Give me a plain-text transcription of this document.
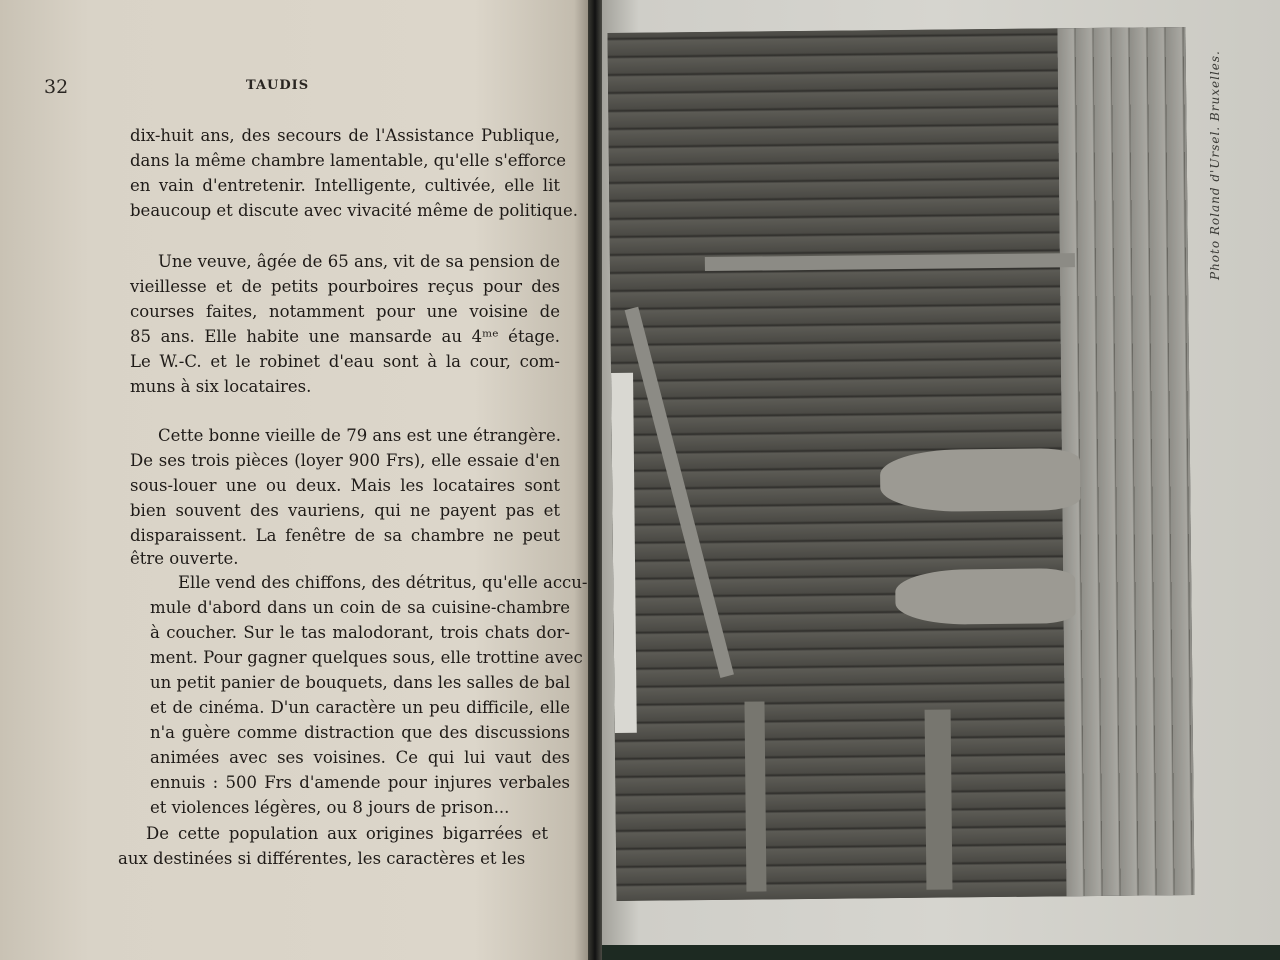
32	TAUDIS
dix-huit ans, des secours de l'Assistance Publique,
dans la même chambre lamentable, qu'elle s'efforce
en vain d'entretenir. Intelligente, cultivée, elle lit
beaucoup et discute avec vivacité même de politique.
Une veuve, âgée de 65 ans, vit de sa pension de
vieillesse et de petits pourboires reçus pour des
courses faites, notamment pour une voisine de
85 ans. Elle habite une mansarde au 4ᵐᵉ étage.
Le W.-C. et le robinet d'eau sont à la cour, com-
muns à six locataires.
Cette bonne vieille de 79 ans est une étrangère.
De ses trois pièces (loyer 900 Frs), elle essaie d'en
sous-louer une ou deux. Mais les locataires sont
bien souvent des vauriens, qui ne payent pas et
disparaissent. La fenêtre de sa chambre ne peut
être ouverte.
Elle vend des chiffons, des détritus, qu'elle accu-
mule d'abord dans un coin de sa cuisine-chambre
à coucher. Sur le tas malodorant, trois chats dor-
ment. Pour gagner quelques sous, elle trottine avec
un petit panier de bouquets, dans les salles de bal
et de cinéma. D'un caractère un peu difficile, elle
n'a guère comme distraction que des discussions
animées avec ses voisines. Ce qui lui vaut des
ennuis : 500 Frs d'amende pour injures verbales
et violences légères, ou 8 jours de prison...
De cette population aux origines bigarrées et
aux destinées si différentes, les caractères et les
Photo Roland d'Ursel. Bruxelles.
